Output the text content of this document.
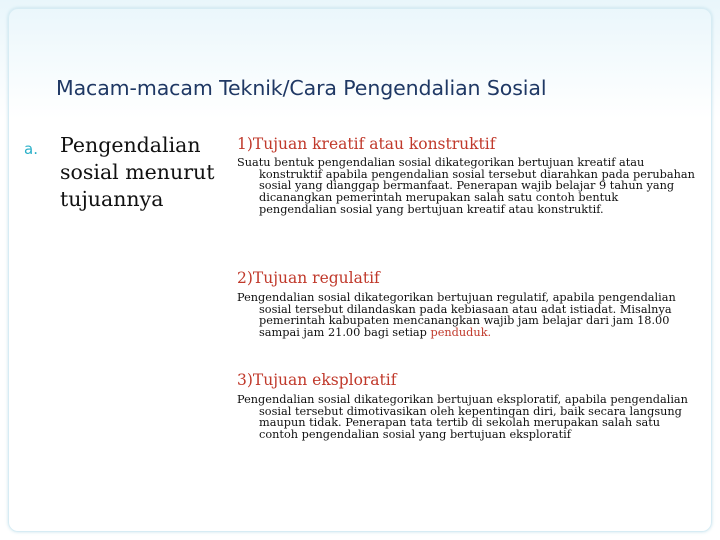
Macam-macam Teknik/Cara Pengendalian Sosial
a. Pengendalian sosial menurut tujuannya
1)Tujuan kreatif atau konstruktif
Suatu bentuk pengendalian sosial dikategorikan bertujuan kreatif atau konstruktif apabila pengendalian sosial tersebut diarahkan pada perubahan sosial yang dianggap bermanfaat. Penerapan wajib belajar 9 tahun yang dicanangkan pemerintah merupakan salah satu contoh bentuk pengendalian sosial yang bertujuan kreatif atau konstruktif.
2)Tujuan regulatif
Pengendalian sosial dikategorikan bertujuan regulatif, apabila pengendalian sosial tersebut dilandaskan pada kebiasaan atau adat istiadat. Misalnya pemerintah kabupaten mencanangkan wajib jam belajar dari jam 18.00 sampai jam 21.00 bagi setiap penduduk.
3)Tujuan eksploratif
Pengendalian sosial dikategorikan bertujuan eksploratif, apabila pengendalian sosial tersebut dimotivasikan oleh kepentingan diri, baik secara langsung maupun tidak. Penerapan tata tertib di sekolah merupakan salah satu contoh pengendalian sosial yang bertujuan eksploratif
